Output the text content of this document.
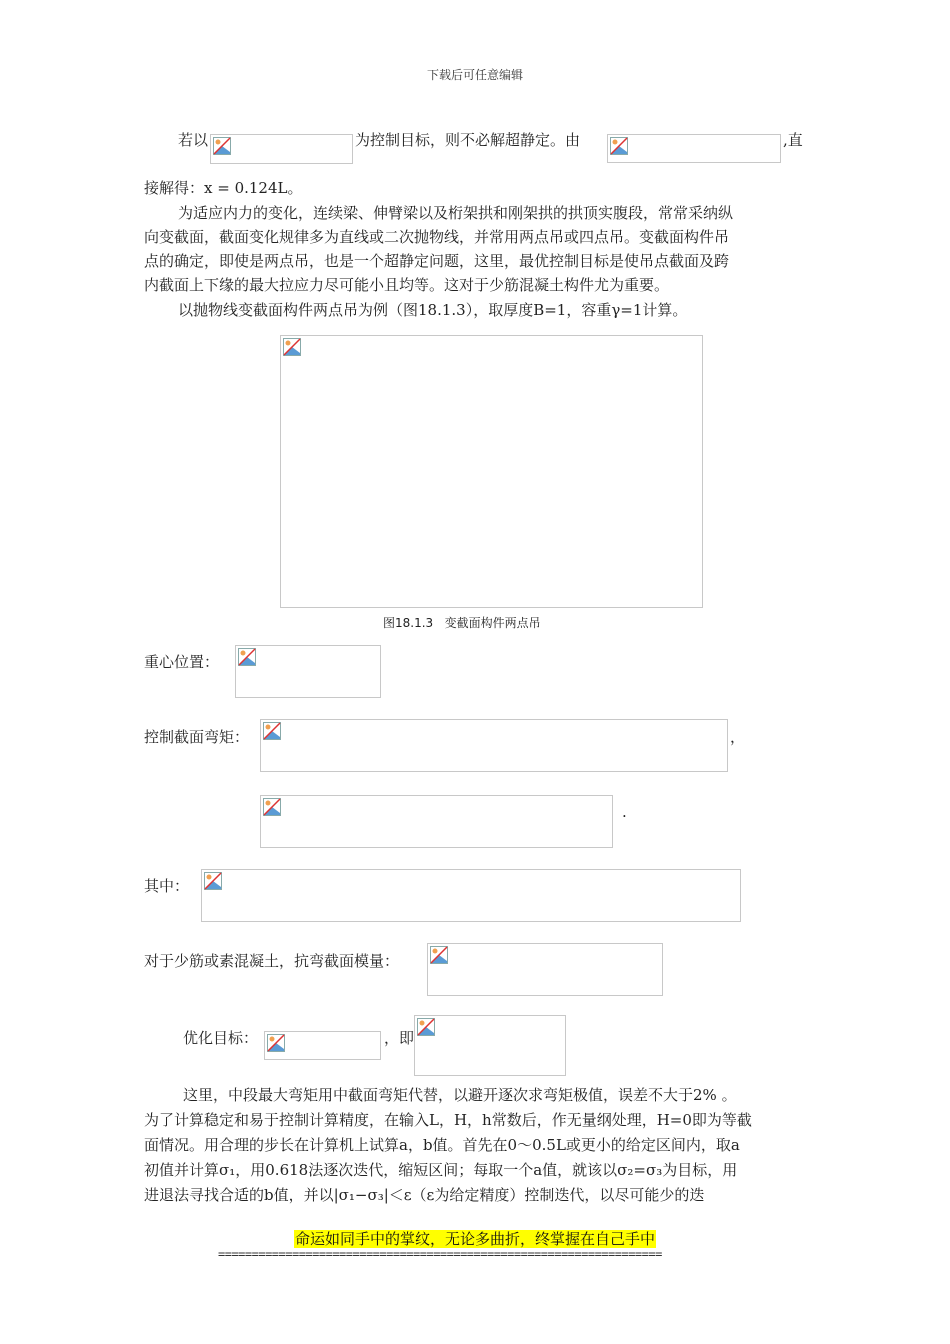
下载后可任意编辑
若以	为控制目标，则不必解超静定。由	,直
接解得：x = 0.124L。
为适应内力的变化，连续梁、伸臂梁以及桁架拱和刚架拱的拱顶实腹段，常常采纳纵
向变截面，截面变化规律多为直线或二次抛物线，并常用两点吊或四点吊。变截面构件吊
点的确定，即使是两点吊，也是一个超静定问题，这里，最优控制目标是使吊点截面及跨
内截面上下缘的最大拉应力尽可能小且均等。这对于少筋混凝土构件尤为重要。
以抛物线变截面构件两点吊为例（图18.1.3），取厚度B=1，容重γ=1计算。
图18.1.3 变截面构件两点吊
重心位置：
控制截面弯矩：	，
.
其中：
对于少筋或素混凝土，抗弯截面模量：
优化目标：	，即
这里，中段最大弯矩用中截面弯矩代替，以避开逐次求弯矩极值，误差不大于2% 。
为了计算稳定和易于控制计算精度，在输入L，H，h常数后，作无量纲处理，H=0即为等截
面情况。用合理的步长在计算机上试算a，b值。首先在0～0.5L或更小的给定区间内，取a
初值并计算σ₁，用0.618法逐次迭代，缩短区间；每取一个a值，就该以σ₂=σ₃为目标，用
进退法寻找合适的b值，并以|σ₁−σ₃|＜ε（ε为给定精度）控制迭代，以尽可能少的迭
命运如同手中的掌纹，无论多曲折，终掌握在自己手中
==================================================================
